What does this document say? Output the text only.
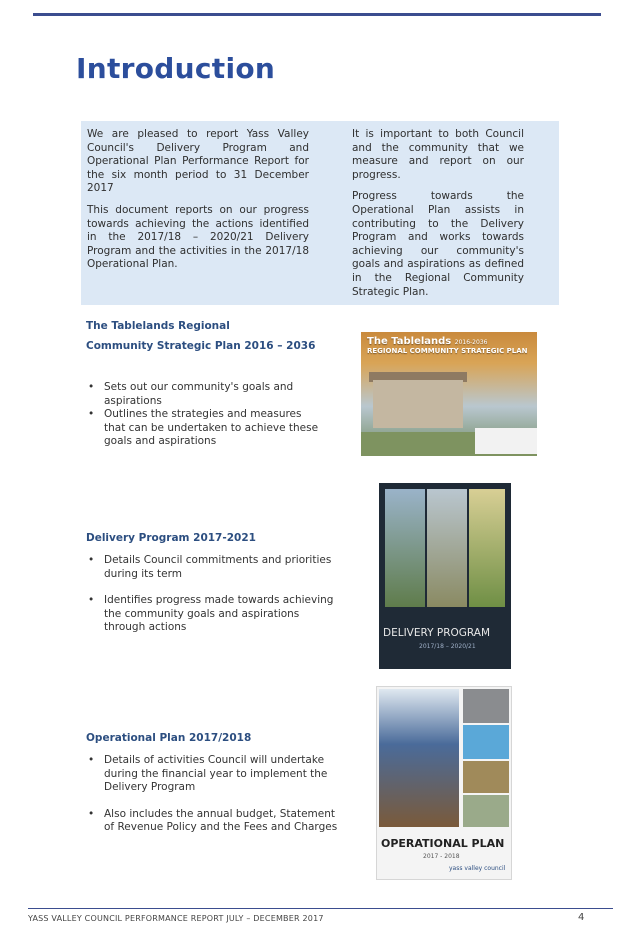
Introduction

We are pleased to report Yass Valley Council's Delivery Program and Operational Plan Performance Report for the six month period to 31 December 2017

This document reports on our progress towards achieving the actions identified in the 2017/18 – 2020/21 Delivery Program and the activities in the 2017/18 Operational Plan.

It is important to both Council and the community that we measure and report on our progress.

Progress towards the Operational Plan assists in contributing to the Delivery Program and works towards achieving our community's goals and aspirations as defined in the Regional Community Strategic Plan.

The Tablelands Regional
Community Strategic Plan 2016 – 2036
• Sets out our community's goals and aspirations
• Outlines the strategies and measures that can be undertaken to achieve these goals and aspirations
The Tablelands 2016-2036
REGIONAL COMMUNITY STRATEGIC PLAN
Delivery Program 2017-2021
• Details Council commitments and priorities during its term
• Identifies progress made towards achieving the community goals and aspirations through actions	DELIVERY PROGRAM
2017/18 – 2020/21
Operational Plan 2017/2018
• Details of activities Council will undertake during the financial year to implement the Delivery Program
• Also includes the annual budget, Statement of Revenue Policy and the Fees and Charges
OPERATIONAL PLAN
2017 - 2018
yass valley council
YASS VALLEY COUNCIL PERFORMANCE REPORT JULY – DECEMBER 2017	4
